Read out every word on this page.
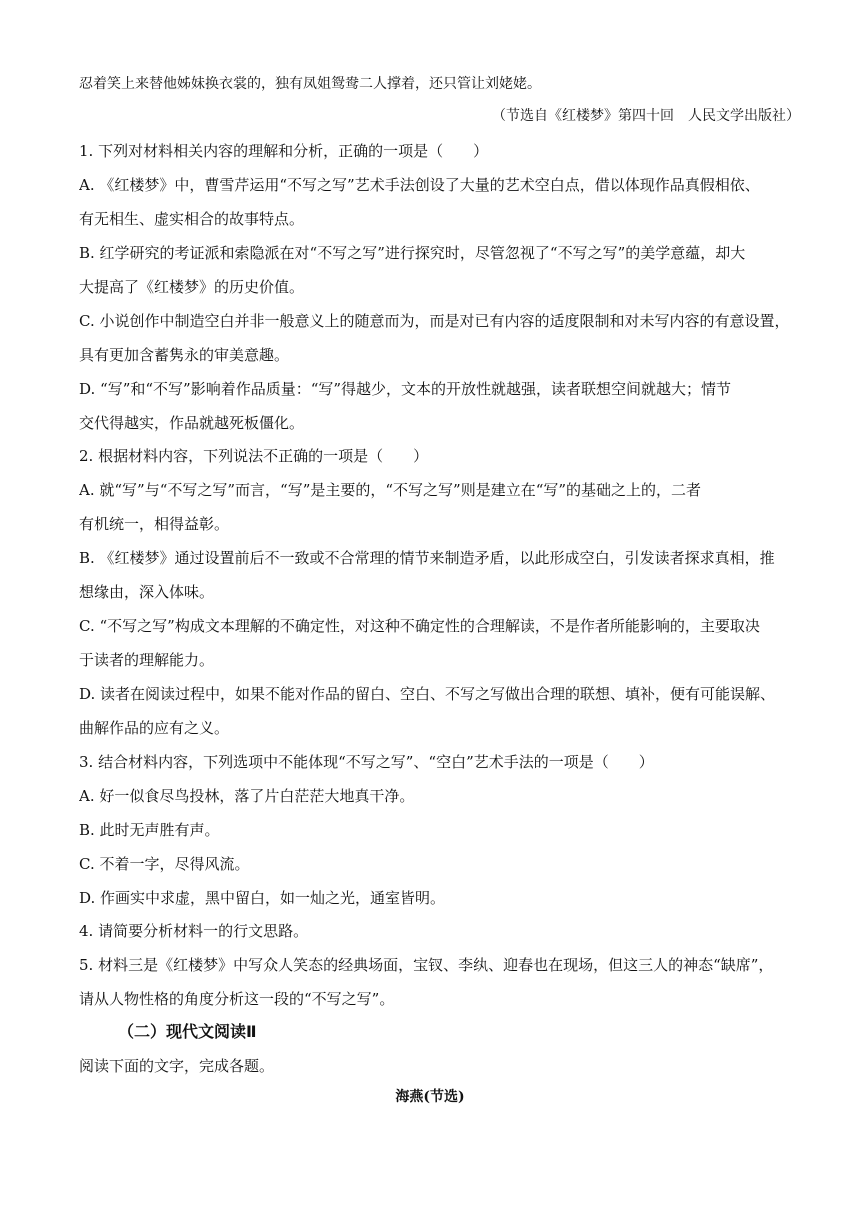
忍着笑上来替他姊妹换衣裳的，独有凤姐鸳鸯二人撑着，还只管让刘姥姥。
（节选自《红楼梦》第四十回　人民文学出版社）
1. 下列对材料相关内容的理解和分析，正确的一项是（　　）
A. 《红楼梦》中，曹雪芹运用“不写之写”艺术手法创设了大量的艺术空白点，借以体现作品真假相依、
有无相生、虚实相合的故事特点。
B. 红学研究的考证派和索隐派在对“不写之写”进行探究时，尽管忽视了“不写之写”的美学意蕴，却大
大提高了《红楼梦》的历史价值。
C. 小说创作中制造空白并非一般意义上的随意而为，而是对已有内容的适度限制和对未写内容的有意设置，
具有更加含蓄隽永的审美意趣。
D. “写”和“不写”影响着作品质量：“写”得越少，文本的开放性就越强，读者联想空间就越大；情节
交代得越实，作品就越死板僵化。
2. 根据材料内容，下列说法不正确的一项是（　　）
A. 就“写”与“不写之写”而言，“写”是主要的，“不写之写”则是建立在“写”的基础之上的，二者
有机统一，相得益彰。
B. 《红楼梦》通过设置前后不一致或不合常理的情节来制造矛盾，以此形成空白，引发读者探求真相，推
想缘由，深入体味。
C. “不写之写”构成文本理解的不确定性，对这种不确定性的合理解读，不是作者所能影响的，主要取决
于读者的理解能力。
D. 读者在阅读过程中，如果不能对作品的留白、空白、不写之写做出合理的联想、填补，便有可能误解、
曲解作品的应有之义。
3. 结合材料内容，下列选项中不能体现“不写之写”、“空白”艺术手法的一项是（　　）
A. 好一似食尽鸟投林，落了片白茫茫大地真干净。
B. 此时无声胜有声。
C. 不着一字，尽得风流。
D. 作画实中求虚，黑中留白，如一灿之光，通室皆明。
4. 请简要分析材料一的行文思路。
5. 材料三是《红楼梦》中写众人笑态的经典场面，宝钗、李纨、迎春也在现场，但这三人的神态“缺席”，
请从人物性格的角度分析这一段的“不写之写”。
（二）现代文阅读Ⅱ
阅读下面的文字，完成各题。
海燕(节选)
